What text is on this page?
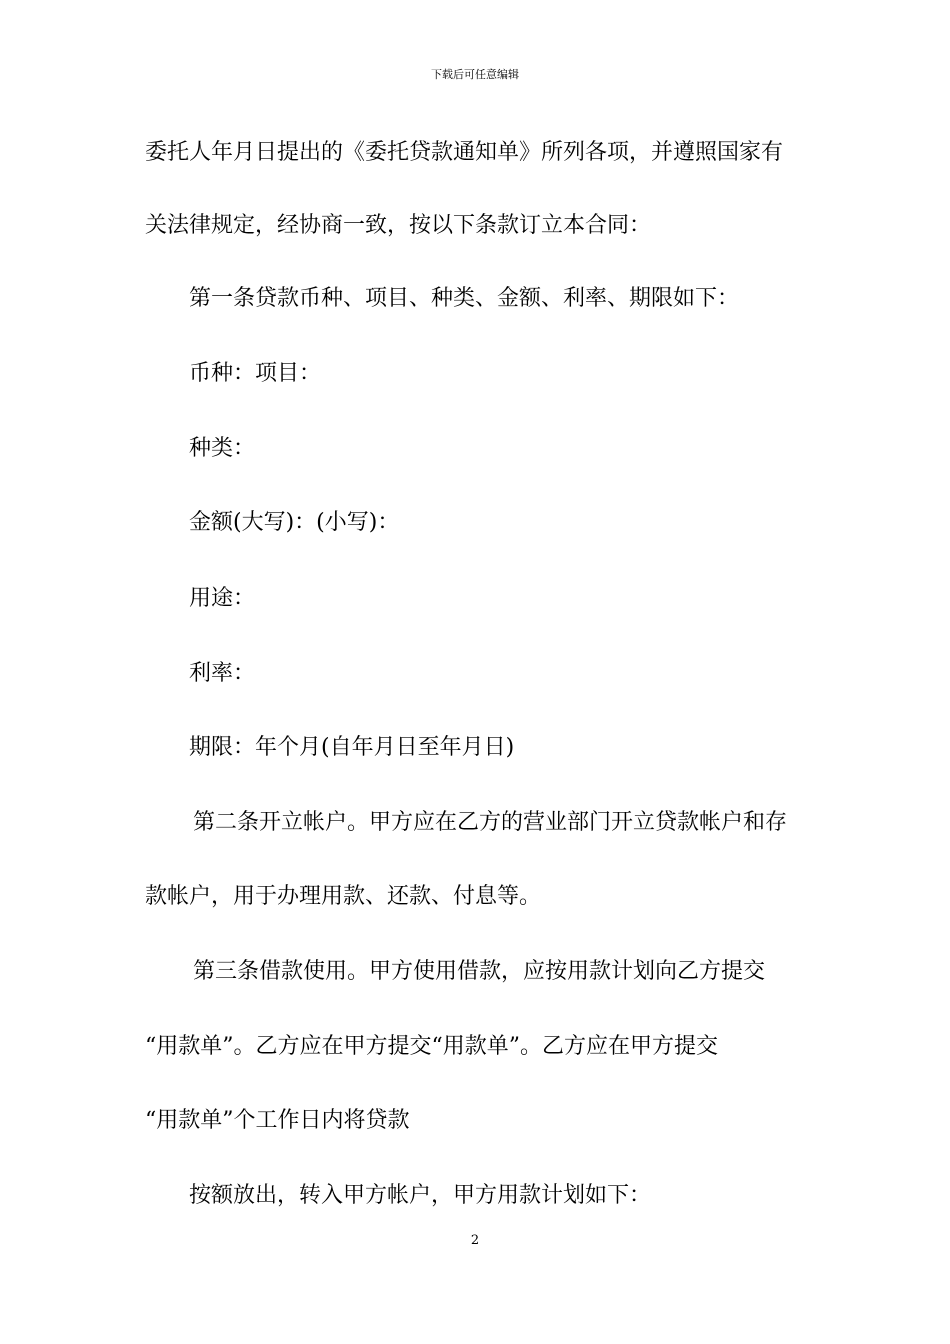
下载后可任意编辑
委托人年月日提出的《委托贷款通知单》所列各项，并遵照国家有
关法律规定，经协商一致，按以下条款订立本合同：
第一条贷款币种、项目、种类、金额、利率、期限如下：
币种：项目：
种类：
金额(大写)：(小写)：
用途：
利率：
期限：年个月(自年月日至年月日)
第二条开立帐户。甲方应在乙方的营业部门开立贷款帐户和存
款帐户，用于办理用款、还款、付息等。
第三条借款使用。甲方使用借款，应按用款计划向乙方提交
“用款单”。乙方应在甲方提交“用款单”。乙方应在甲方提交
“用款单”个工作日内将贷款
按额放出，转入甲方帐户，甲方用款计划如下：
2
